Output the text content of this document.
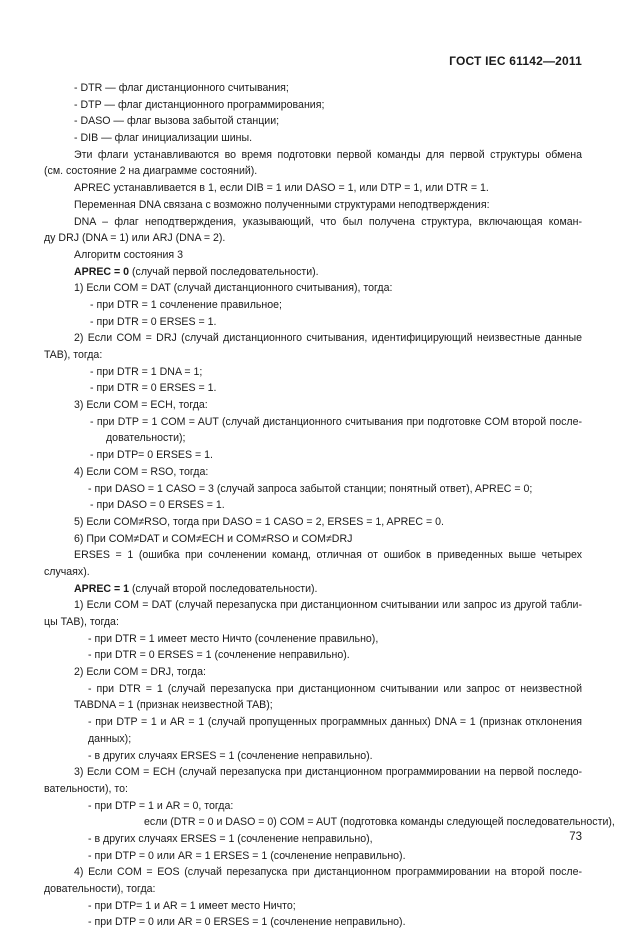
ГОСТ IEC 61142—2011
- DTR — флаг дистанционного считывания;
- DTP — флаг дистанционного программирования;
- DASO — флаг вызова забытой станции;
- DIB — флаг инициализации шины.
Эти флаги устанавливаются во время подготовки первой команды для первой структуры обмена
(см. состояние 2 на диаграмме состояний).
APREC устанавливается в 1, если DIB = 1 или DASO = 1, или DTP = 1, или DTR = 1.
Переменная DNA связана с возможно полученными структурами неподтверждения:
DNA – флаг неподтверждения, указывающий, что был получена структура, включающая коман-
ду DRJ (DNA = 1) или ARJ (DNA = 2).
Алгоритм состояния 3
APREC = 0 (случай первой последовательности).
1) Если COM = DAT (случай дистанционного считывания), тогда:
- при DTR = 1 сочленение правильное;
- при DTR = 0 ERSES = 1.
2) Если COM = DRJ (случай дистанционного считывания, идентифицирующий неизвестные данные
TAB), тогда:
- при DTR = 1 DNA = 1;
- при DTR = 0 ERSES = 1.
3) Если COM = ECH, тогда:
- при DTP = 1 COM = AUT (случай дистанционного считывания при подготовке COM второй после-
довательности);
- при DTP= 0 ERSES = 1.
4) Если COM = RSO, тогда:
- при DASO = 1 CASO = 3 (случай запроса забытой станции; понятный ответ), APREC = 0;
- при DASO = 0 ERSES = 1.
5) Если COM≠RSO, тогда при DASO = 1 CASO = 2, ERSES = 1, APREC = 0.
6) При COM≠DAT и COM≠ECH и COM≠RSO и COM≠DRJ
ERSES = 1 (ошибка при сочленении команд, отличная от ошибок в приведенных выше четырех
случаях).
APREC = 1 (случай второй последовательности).
1) Если COM = DAT (случай перезапуска при дистанционном считывании или запрос из другой табли-
цы TAB), тогда:
- при DTR = 1 имеет место Ничто (сочленение правильно),
- при DTR = 0 ERSES = 1 (сочленение неправильно).
2) Если COM = DRJ, тогда:
- при DTR = 1 (случай перезапуска при дистанционном считывании или запрос от неизвестной
TABDNA = 1 (признак неизвестной TAB);
- при DTP = 1 и AR = 1 (случай пропущенных программных данных) DNA = 1 (признак отклонения
данных);
- в других случаях ERSES = 1 (сочленение неправильно).
3) Если COM = ECH (случай перезапуска при дистанционном программировании на первой последо-
вательности), то:
- при DTP = 1 и AR = 0, тогда:
если (DTR = 0 и DASO = 0) COM = AUT (подготовка команды следующей последовательности),
- в других случаях ERSES = 1 (сочленение неправильно),
- при DTP = 0 или AR = 1 ERSES = 1 (сочленение неправильно).
4) Если COM = EOS (случай перезапуска при дистанционном программировании на второй после-
довательности), тогда:
- при DTP= 1 и AR = 1 имеет место Ничто;
- при DTP = 0 или AR = 0 ERSES = 1 (сочленение неправильно).
73
